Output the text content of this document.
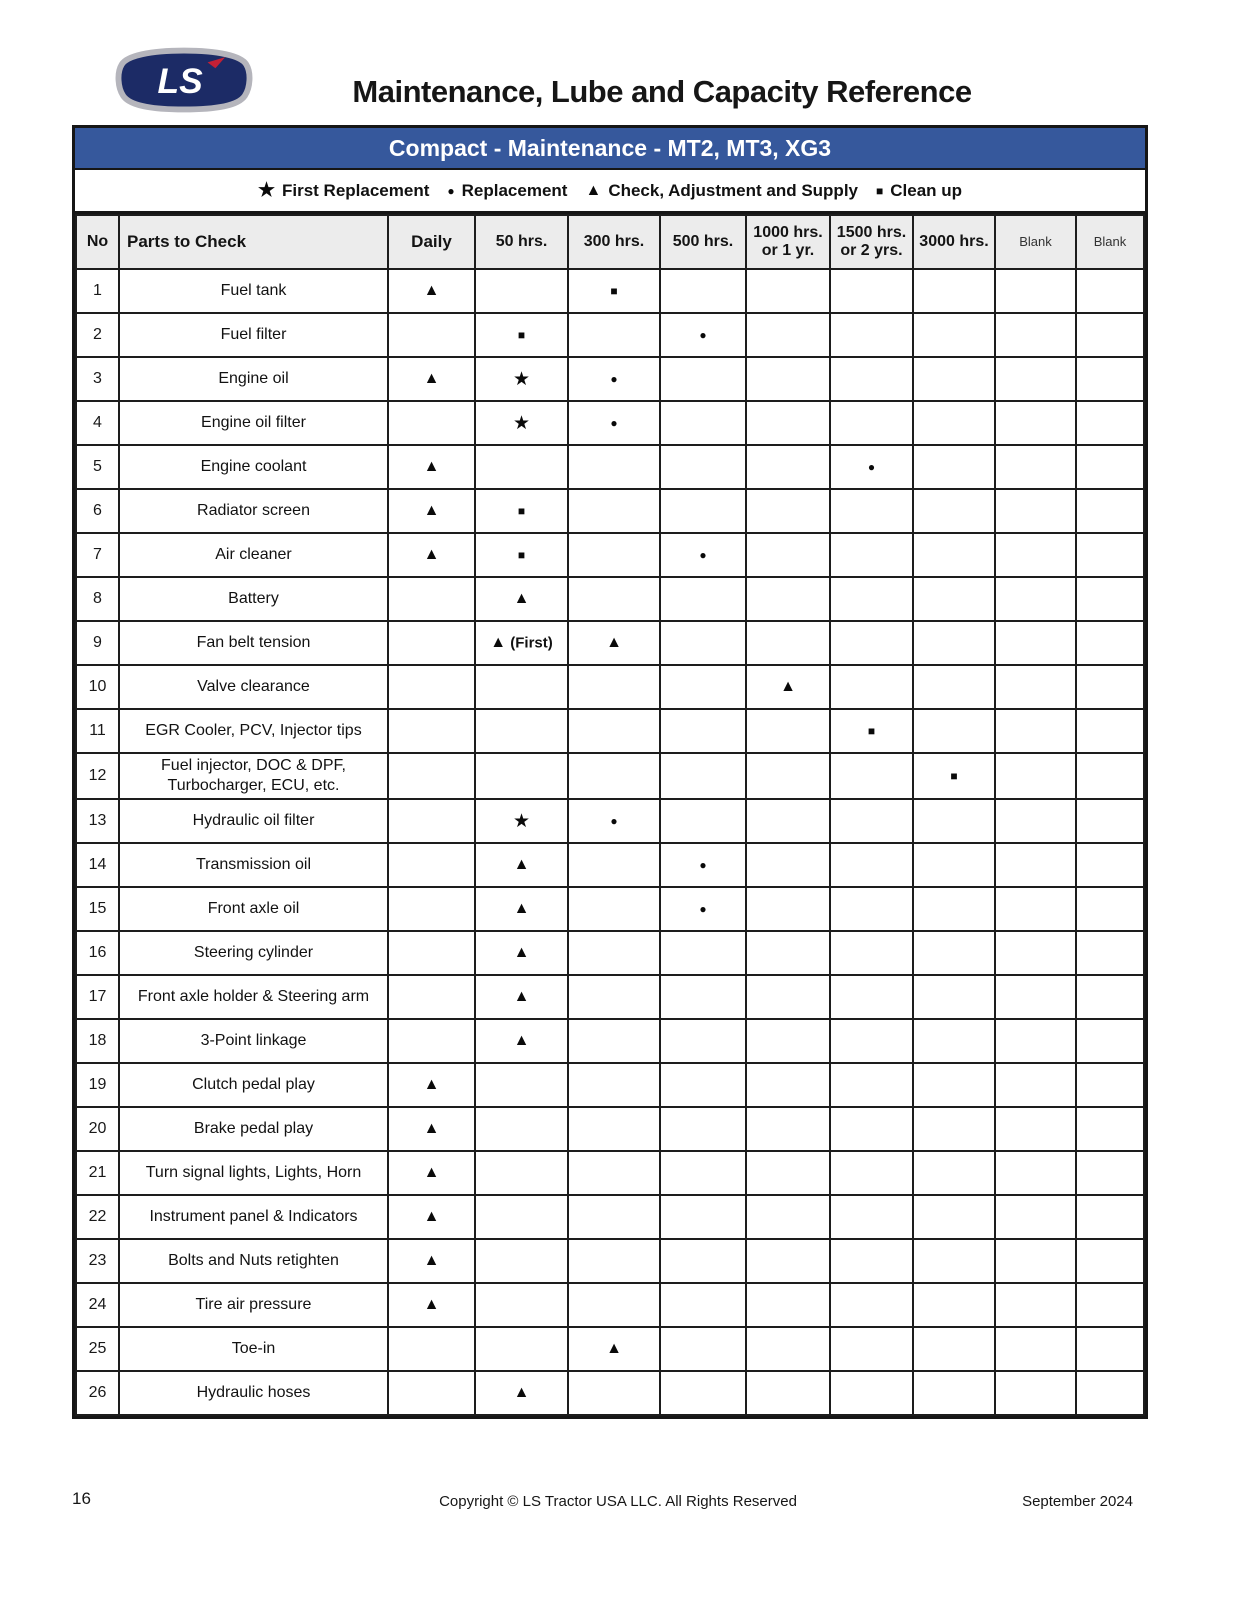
LS	Maintenance, Lube and Capacity Reference
Compact - Maintenance - MT2, MT3, XG3
★ First Replacement ● Replacement ▲ Check, Adjustment and Supply ■ Clean up
No	Parts to Check	Daily	50 hrs.	300 hrs.	500 hrs.	1000 hrs. or 1 yr.	1500 hrs. or 2 yrs.	3000 hrs.	Blank	Blank
1	Fuel tank	▲		■						
2	Fuel filter		■		●					
3	Engine oil	▲	★	●						
4	Engine oil filter		★	●						
5	Engine coolant	▲					●			
6	Radiator screen	▲	■							
7	Air cleaner	▲	■		●					
8	Battery		▲							
9	Fan belt tension		▲ (First)	▲						
10	Valve clearance					▲				
11	EGR Cooler, PCV, Injector tips						■			
12	Fuel injector, DOC & DPF, Turbocharger, ECU, etc.							■		
13	Hydraulic oil filter		★	●						
14	Transmission oil		▲		●					
15	Front axle oil		▲		●					
16	Steering cylinder		▲							
17	Front axle holder & Steering arm		▲							
18	3-Point linkage		▲							
19	Clutch pedal play	▲								
20	Brake pedal play	▲								
21	Turn signal lights, Lights, Horn	▲								
22	Instrument panel & Indicators	▲								
23	Bolts and Nuts retighten	▲								
24	Tire air pressure	▲								
25	Toe-in			▲						
26	Hydraulic hoses		▲							
16	Copyright © LS Tractor USA LLC. All Rights Reserved	September 2024
